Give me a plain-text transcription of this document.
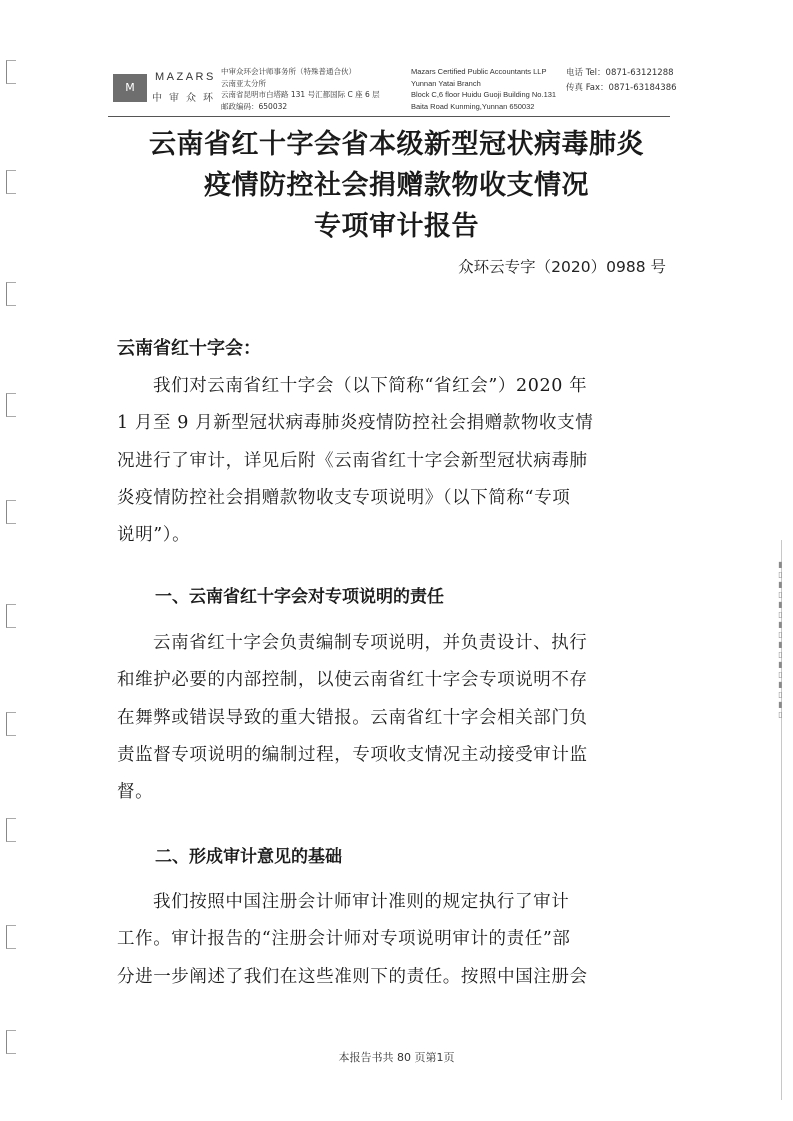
▮▯▮▯▮▯▮▯▮▯▮▯▮▯▮▯
M
MAZARS
中审众环
中审众环会计师事务所（特殊普通合伙）
云南亚太分所
云南省昆明市白塔路 131 号汇都国际 C 座 6 层
邮政编码：650032
Mazars Certified Public Accountants LLP
Yunnan Yatai Branch
Block C,6 floor Huidu Guoji Building No.131
Baita Road Kunming,Yunnan 650032
电话 Tel：0871-63121288
传真 Fax：0871-63184386
云南省红十字会省本级新型冠状病毒肺炎
疫情防控社会捐赠款物收支情况
专项审计报告
众环云专字（2020）0988 号
云南省红十字会：
我们对云南省红十字会（以下简称“省红会”）2020 年
1 月至 9 月新型冠状病毒肺炎疫情防控社会捐赠款物收支情
况进行了审计，详见后附《云南省红十字会新型冠状病毒肺
炎疫情防控社会捐赠款物收支专项说明》（以下简称“专项
说明”）。
一、云南省红十字会对专项说明的责任
云南省红十字会负责编制专项说明，并负责设计、执行
和维护必要的内部控制，以使云南省红十字会专项说明不存
在舞弊或错误导致的重大错报。云南省红十字会相关部门负
责监督专项说明的编制过程，专项收支情况主动接受审计监
督。
二、形成审计意见的基础
我们按照中国注册会计师审计准则的规定执行了审计
工作。审计报告的“注册会计师对专项说明审计的责任”部
分进一步阐述了我们在这些准则下的责任。按照中国注册会
本报告书共 80 页第1页
